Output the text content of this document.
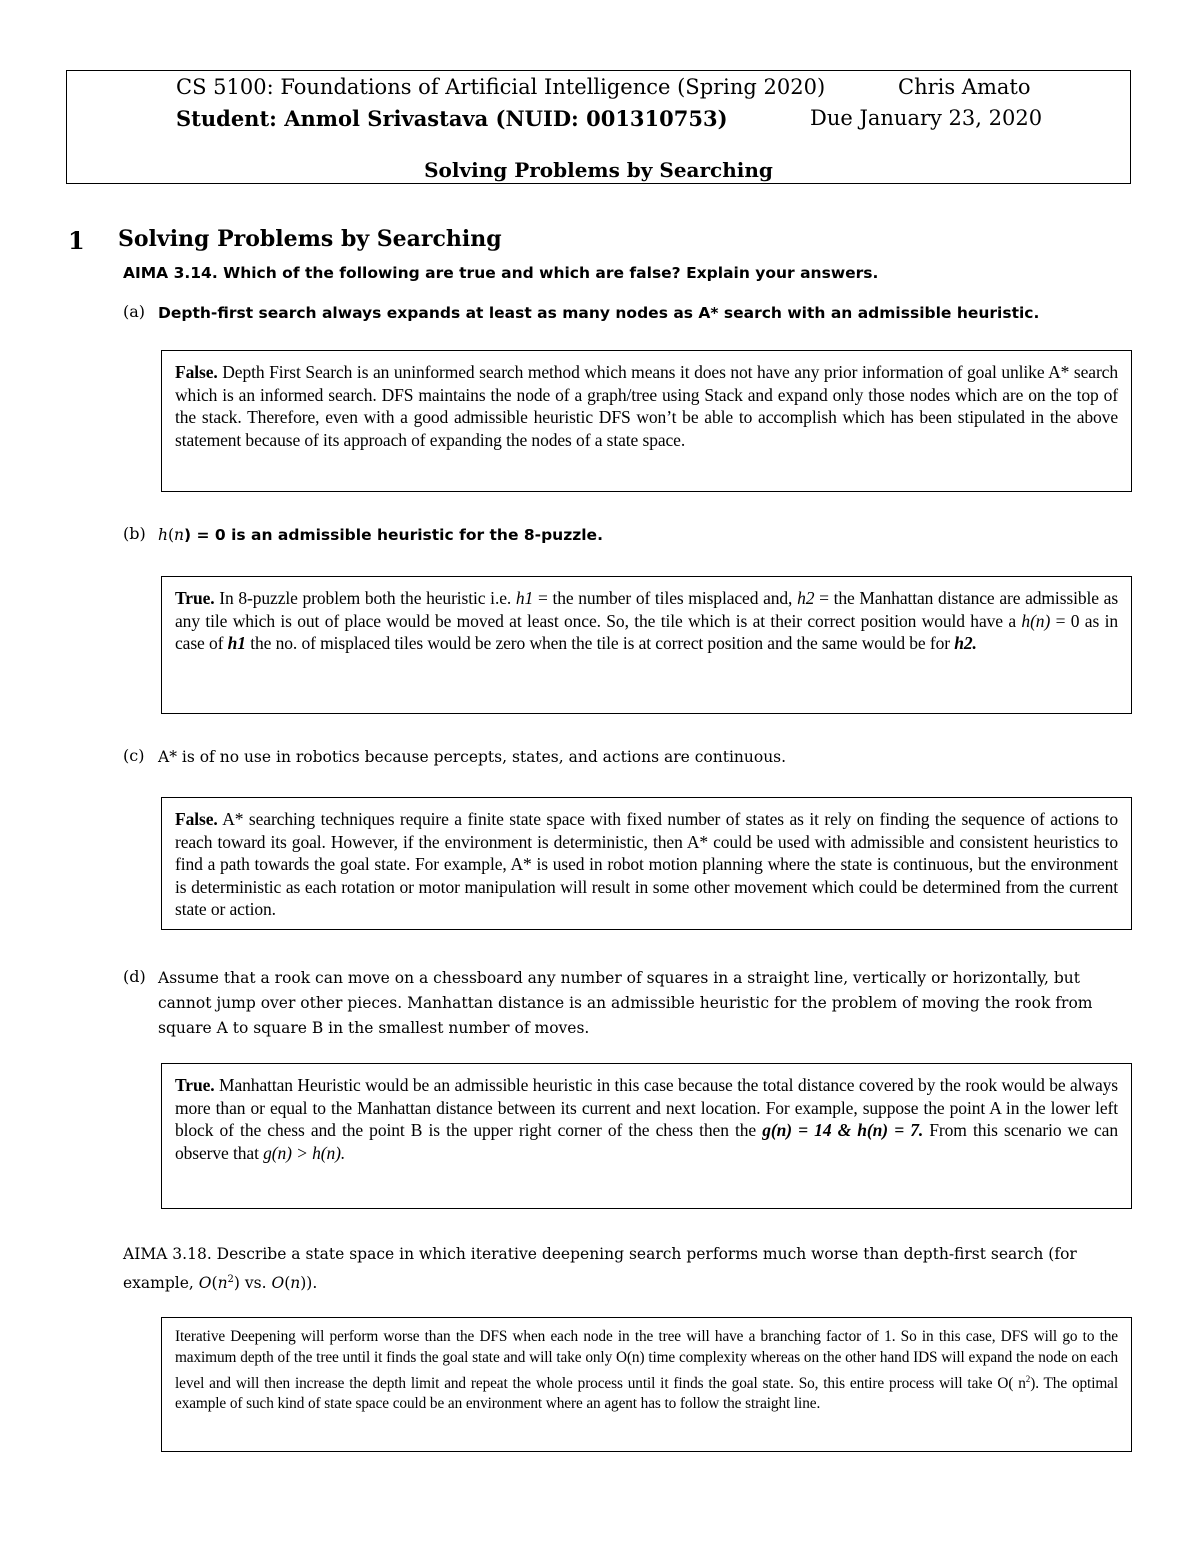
CS 5100: Foundations of Artificial Intelligence (Spring 2020)	Chris Amato
Student: Anmol Srivastava (NUID: 001310753)	Due January 23, 2020
Solving Problems by Searching
1 Solving Problems by Searching
AIMA 3.14. Which of the following are true and which are false? Explain your answers.
(a) Depth-first search always expands at least as many nodes as A* search with an admissible heuristic.
False. Depth First Search is an uninformed search method which means it does not have any prior information of goal unlike A* search which is an informed search. DFS maintains the node of a graph/tree using Stack and expand only those nodes which are on the top of the stack. Therefore, even with a good admissible heuristic DFS won’t be able to accomplish which has been stipulated in the above statement because of its approach of expanding the nodes of a state space.
(b) h(n) = 0 is an admissible heuristic for the 8-puzzle.
True. In 8-puzzle problem both the heuristic i.e. h1 = the number of tiles misplaced and, h2 = the Manhattan distance are admissible as any tile which is out of place would be moved at least once. So, the tile which is at their correct position would have a h(n) = 0 as in case of h1 the no. of misplaced tiles would be zero when the tile is at correct position and the same would be for h2.
(c) A* is of no use in robotics because percepts, states, and actions are continuous.
False. A* searching techniques require a finite state space with fixed number of states as it rely on finding the sequence of actions to reach toward its goal. However, if the environment is deterministic, then A* could be used with admissible and consistent heuristics to find a path towards the goal state. For example, A* is used in robot motion planning where the state is continuous, but the environment is deterministic as each rotation or motor manipulation will result in some other movement which could be determined from the current state or action.
(d) Assume that a rook can move on a chessboard any number of squares in a straight line, vertically or horizontally, but cannot jump over other pieces. Manhattan distance is an admissible heuristic for the problem of moving the rook from square A to square B in the smallest number of moves.
True. Manhattan Heuristic would be an admissible heuristic in this case because the total distance covered by the rook would be always more than or equal to the Manhattan distance between its current and next location. For example, suppose the point A in the lower left block of the chess and the point B is the upper right corner of the chess then the g(n) = 14 & h(n) = 7. From this scenario we can observe that g(n) > h(n).
AIMA 3.18. Describe a state space in which iterative deepening search performs much worse than depth-first search (for example, $O(n^2)$ vs. O(n)).
Iterative Deepening will perform worse than the DFS when each node in the tree will have a branching factor of 1. So in this case, DFS will go to the maximum depth of the tree until it finds the goal state and will take only O(n) time complexity whereas on the other hand IDS will expand the node on each level and will then increase the depth limit and repeat the whole process until it finds the goal state. So, this entire process will take O( $n^2$). The optimal example of such kind of state space could be an environment where an agent has to follow the straight line.
